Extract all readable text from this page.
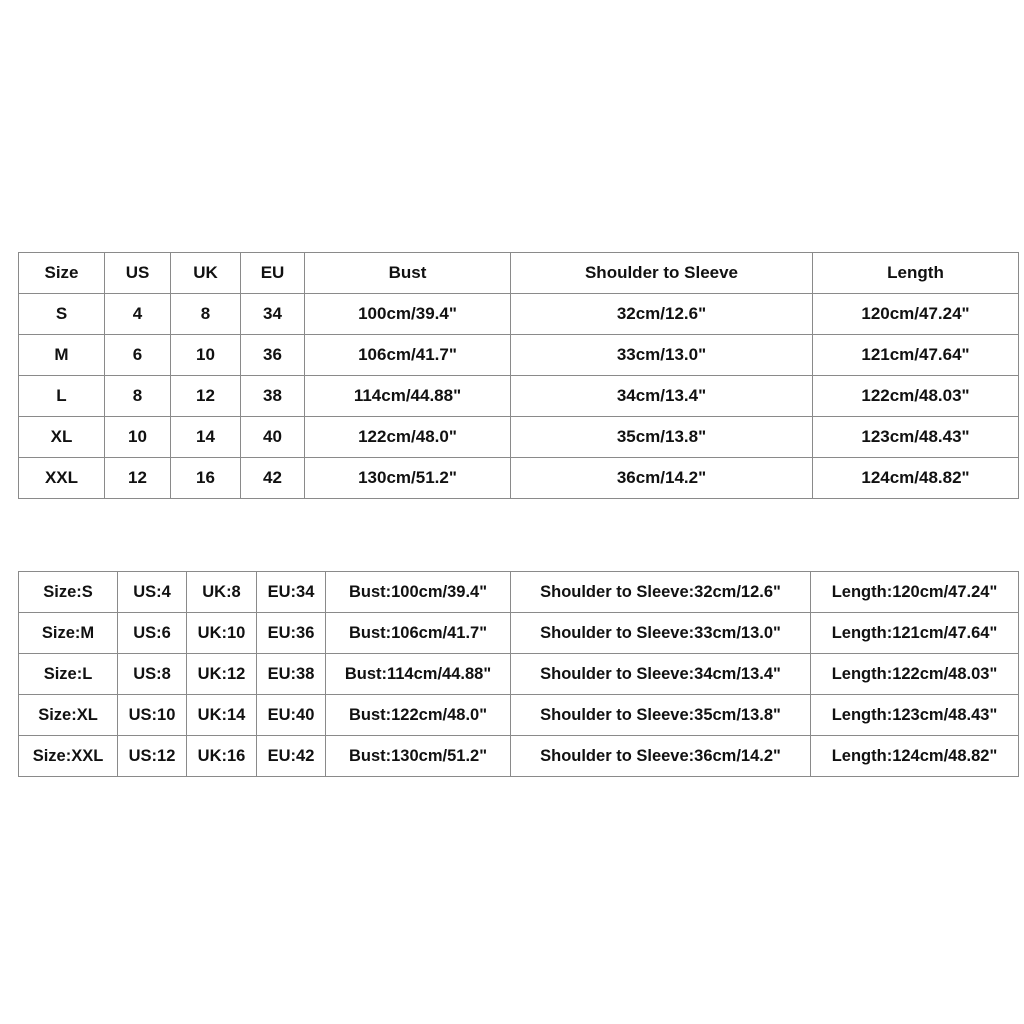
Size	US	UK	EU	Bust	Shoulder to Sleeve	Length
S	4	8	34	100cm/39.4"	32cm/12.6"	120cm/47.24"
M	6	10	36	106cm/41.7"	33cm/13.0"	121cm/47.64"
L	8	12	38	114cm/44.88"	34cm/13.4"	122cm/48.03"
XL	10	14	40	122cm/48.0"	35cm/13.8"	123cm/48.43"
XXL	12	16	42	130cm/51.2"	36cm/14.2"	124cm/48.82"
Size:S	US:4	UK:8	EU:34	Bust:100cm/39.4"	Shoulder to Sleeve:32cm/12.6"	Length:120cm/47.24"
Size:M	US:6	UK:10	EU:36	Bust:106cm/41.7"	Shoulder to Sleeve:33cm/13.0"	Length:121cm/47.64"
Size:L	US:8	UK:12	EU:38	Bust:114cm/44.88"	Shoulder to Sleeve:34cm/13.4"	Length:122cm/48.03"
Size:XL	US:10	UK:14	EU:40	Bust:122cm/48.0"	Shoulder to Sleeve:35cm/13.8"	Length:123cm/48.43"
Size:XXL	US:12	UK:16	EU:42	Bust:130cm/51.2"	Shoulder to Sleeve:36cm/14.2"	Length:124cm/48.82"
